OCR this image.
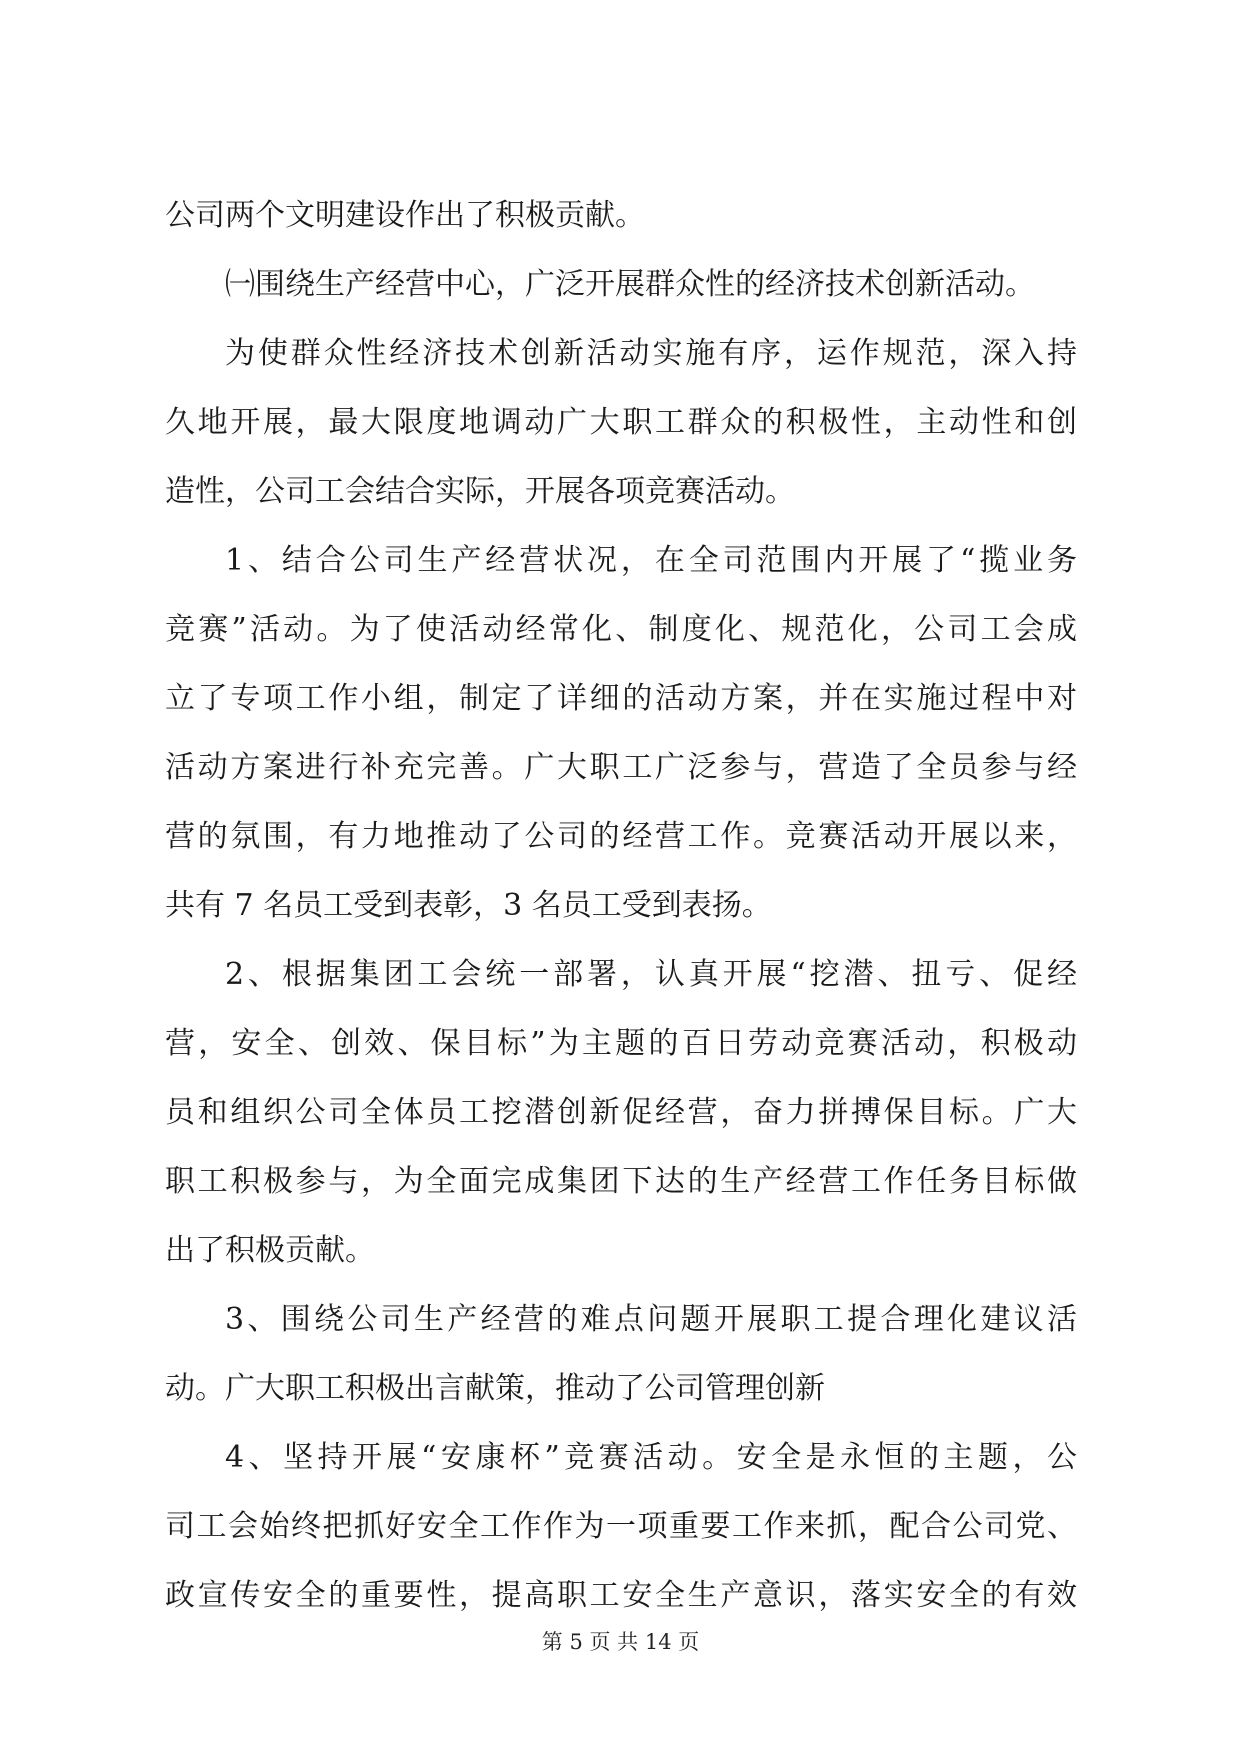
公司两个文明建设作出了积极贡献。
㈠围绕生产经营中心，广泛开展群众性的经济技术创新活动。
为使群众性经济技术创新活动实施有序，运作规范，深入持
久地开展，最大限度地调动广大职工群众的积极性，主动性和创
造性，公司工会结合实际，开展各项竞赛活动。
1、结合公司生产经营状况，在全司范围内开展了“揽业务
竞赛”活动。为了使活动经常化、制度化、规范化，公司工会成
立了专项工作小组，制定了详细的活动方案，并在实施过程中对
活动方案进行补充完善。广大职工广泛参与，营造了全员参与经
营的氛围，有力地推动了公司的经营工作。竞赛活动开展以来，
共有 7 名员工受到表彰，3 名员工受到表扬。
2、根据集团工会统一部署，认真开展“挖潜、扭亏、促经
营，安全、创效、保目标”为主题的百日劳动竞赛活动，积极动
员和组织公司全体员工挖潜创新促经营，奋力拼搏保目标。广大
职工积极参与，为全面完成集团下达的生产经营工作任务目标做
出了积极贡献。
3、围绕公司生产经营的难点问题开展职工提合理化建议活
动。广大职工积极出言献策，推动了公司管理创新
4、坚持开展“安康杯”竞赛活动。安全是永恒的主题，公
司工会始终把抓好安全工作作为一项重要工作来抓，配合公司党、
政宣传安全的重要性，提高职工安全生产意识，落实安全的有效
第 5 页 共 14 页
